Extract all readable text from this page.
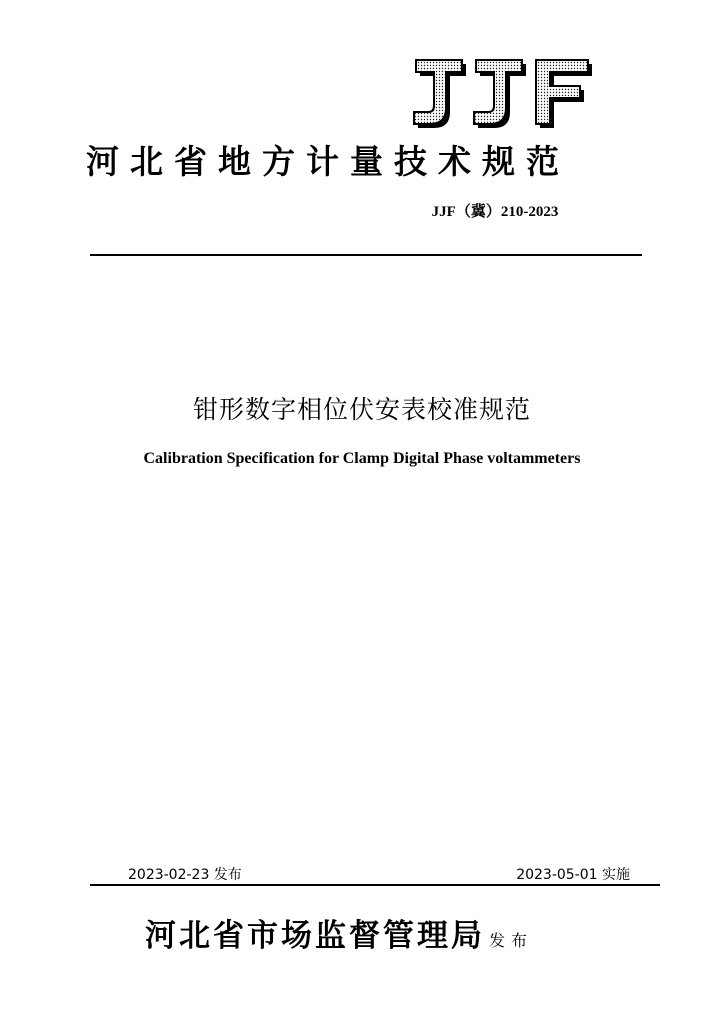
河北省地方计量技术规范
JJF（冀）210-2023
钳形数字相位伏安表校准规范
Calibration Specification for Clamp Digital Phase voltammeters
2023-02-23 发布	2023-05-01 实施
河北省市场监督管理局 发布
